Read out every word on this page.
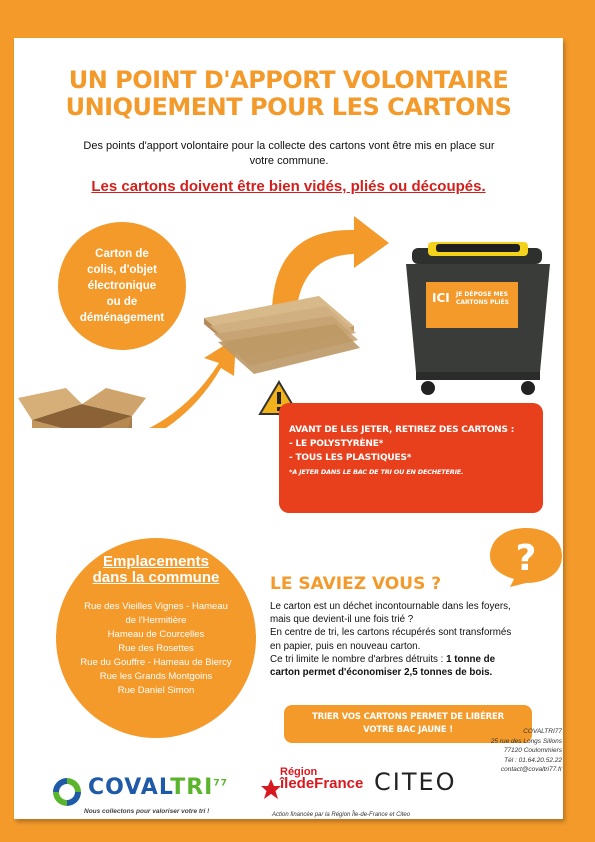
UN POINT D'APPORT VOLONTAIRE
UNIQUEMENT POUR LES CARTONS
Des points d'apport volontaire pour la collecte des cartons vont être mis en place sur
votre commune.
Les cartons doivent être bien vidés, pliés ou découpés.
Carton de
colis, d'objet
électronique
ou de
déménagement
ICI JE DÉPOSE MES
CARTONS PLIÉS
AVANT DE LES JETER, RETIREZ DES CARTONS :
- LE POLYSTYRÈNE*
- TOUS LES PLASTIQUES*
*A JETER DANS LE BAC DE TRI OU EN DECHETERIE.
Emplacements
dans la commune
Rue des Vieilles Vignes - Hameau
de l'Hermitière
Hameau de Courcelles
Rue des Rosettes
Rue du Gouffre - Hameau de Biercy
Rue les Grands Montgoins
Rue Daniel Simon
?
LE SAVIEZ VOUS ?
Le carton est un déchet incontournable dans les foyers,
mais que devient-il une fois trié ?
En centre de tri, les cartons récupérés sont transformés
en papier, puis en nouveau carton.
Ce tri limite le nombre d'arbres détruits : 1 tonne de
carton permet d'économiser 2,5 tonnes de bois.
TRIER VOS CARTONS PERMET DE LIBÉRER
VOTRE BAC JAUNE !	COVALTRI77
25 rue des Longs Sillons
77120 Coulommiers
Tél : 01.64.20.52.22
contact@covaltri77.fr
COVALTRI$^{77}$
Nous collectons pour valoriser votre tri !
Région
îledeFrance CITEO
Action financée par la Région Île-de-France et Citeo
